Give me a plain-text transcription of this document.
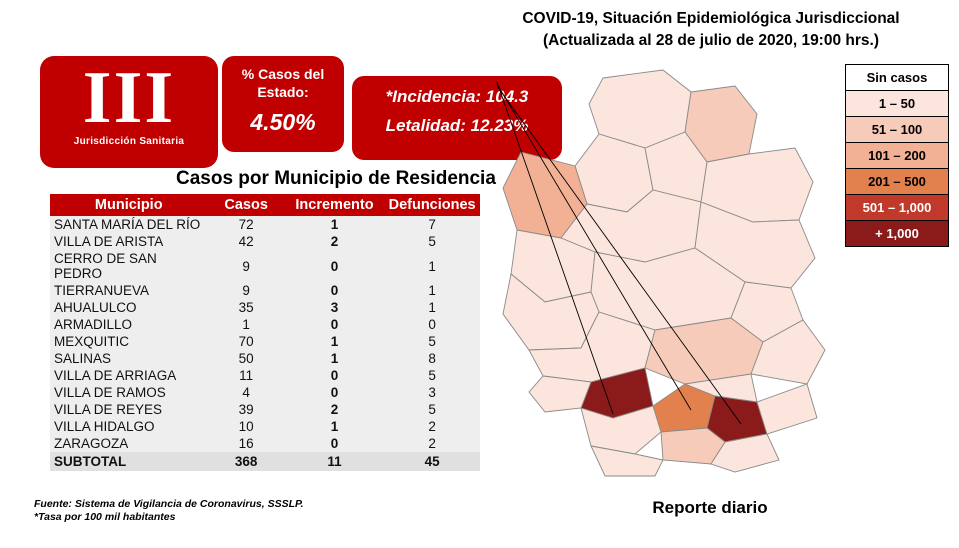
COVID-19, Situación Epidemiológica Jurisdiccional
(Actualizada al 28 de julio de 2020, 19:00 hrs.)
III
Jurisdicción Sanitaria
% Casos del Estado:
4.50%
*Incidencia: 104.3
Letalidad: 12.23%
Casos por Municipio de Residencia
Municipio	Casos	Incremento	Defunciones
SANTA MARÍA DEL RÍO	72	1	7
VILLA DE ARISTA	42	2	5
CERRO DE SAN PEDRO	9	0	1
TIERRANUEVA	9	0	1
AHUALULCO	35	3	1
ARMADILLO	1	0	0
MEXQUITIC	70	1	5
SALINAS	50	1	8
VILLA DE ARRIAGA	11	0	5
VILLA DE RAMOS	4	0	3
VILLA DE REYES	39	2	5
VILLA HIDALGO	10	1	2
ZARAGOZA	16	0	2
SUBTOTAL	368	11	45
Fuente: Sistema de Vigilancia de Coronavirus, SSSLP.
*Tasa por 100 mil habitantes
Sin casos
1 – 50
51 – 100
101 – 200
201 – 500
501 – 1,000
+ 1,000
Reporte diario
